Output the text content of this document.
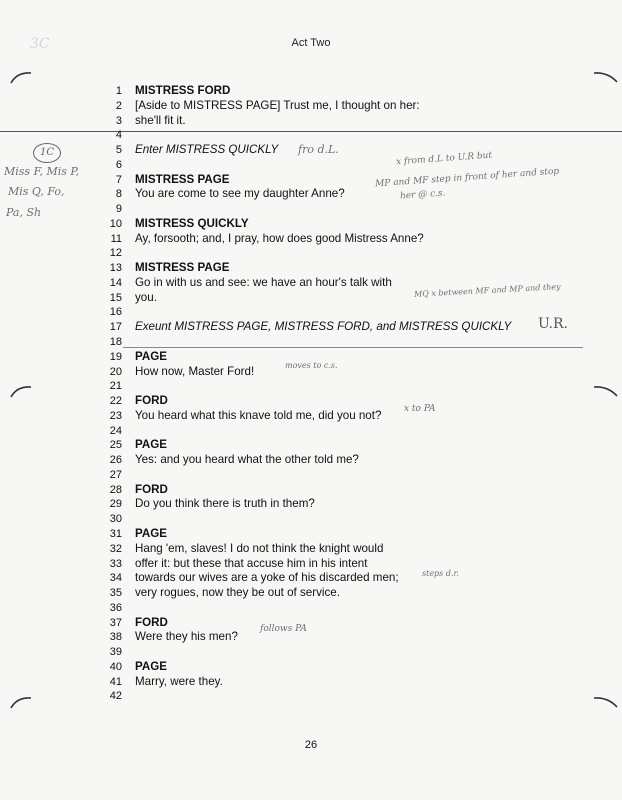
3C	Act Two
1 MISTRESS FORD
2 [Aside to MISTRESS PAGE] Trust me, I thought on her:
3 she'll fit it.
4
5 Enter MISTRESS QUICKLY
6
7 MISTRESS PAGE
8 You are come to see my daughter Anne?
9
10 MISTRESS QUICKLY
11 Ay, forsooth; and, I pray, how does good Mistress Anne?
12
13 MISTRESS PAGE
14 Go in with us and see: we have an hour's talk with
15 you.
16
17 Exeunt MISTRESS PAGE, MISTRESS FORD, and MISTRESS QUICKLY
18
19 PAGE
20 How now, Master Ford!
21
22 FORD
23 You heard what this knave told me, did you not?
24
25 PAGE
26 Yes: and you heard what the other told me?
27
28 FORD
29 Do you think there is truth in them?
30
31 PAGE
32 Hang 'em, slaves! I do not think the knight would
33 offer it: but these that accuse him in his intent
34 towards our wives are a yoke of his discarded men;
35 very rogues, now they be out of service.
36
37 FORD
38 Were they his men?
39
40 PAGE
41 Marry, were they.
42
1C
Miss F, Mis P,
Mis Q, Fo,
Pa, Sh
fro d.L.
x from d.L to U.R but
MP and MF step in front of her and stop
her @ c.s.
MQ x between MF and MP and they
U.R.
moves to c.s.
x to PA
steps d.r.
follows PA
26
